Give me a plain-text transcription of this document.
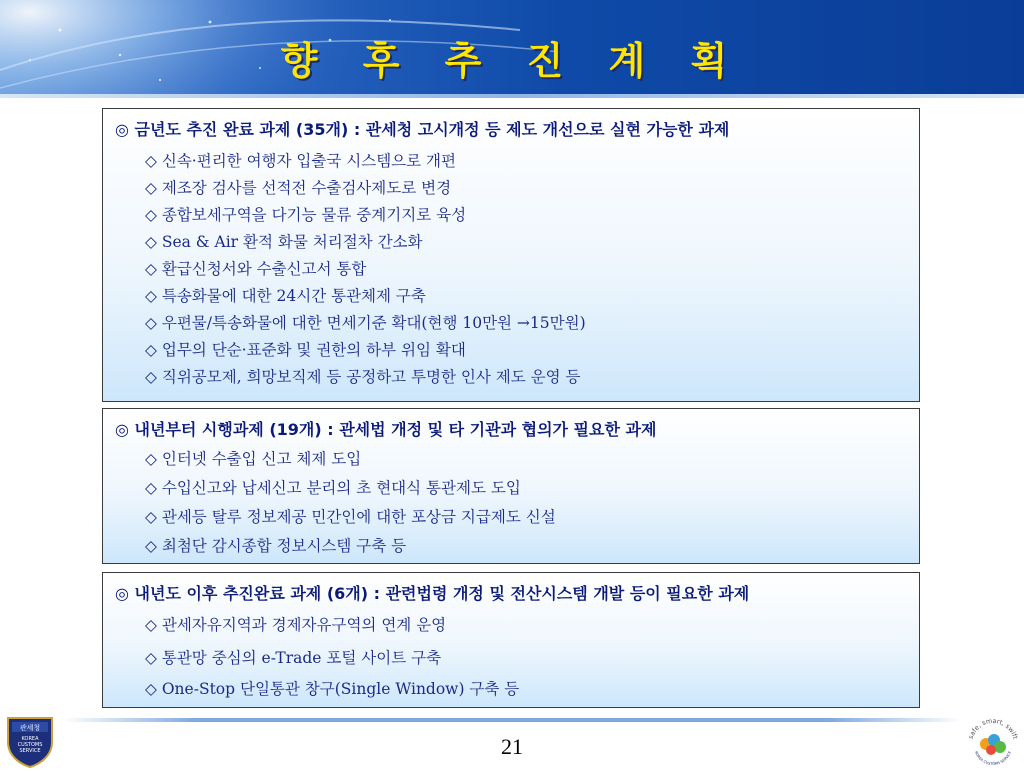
향 후 추 진 계 획
◎ 금년도 추진 완료 과제 (35개) : 관세청 고시개정 등 제도 개선으로 실현 가능한 과제
◇ 신속·편리한 여행자 입출국 시스템으로 개편
◇ 제조장 검사를 선적전 수출검사제도로 변경
◇ 종합보세구역을 다기능 물류 중계기지로 육성
◇ Sea & Air 환적 화물 처리절차 간소화
◇ 환급신청서와 수출신고서 통합
◇ 특송화물에 대한 24시간 통관체제 구축
◇ 우편물/특송화물에 대한 면세기준 확대(현행 10만원 →15만원)
◇ 업무의 단순·표준화 및 권한의 하부 위임 확대
◇ 직위공모제, 희망보직제 등 공정하고 투명한 인사 제도 운영 등
◎ 내년부터 시행과제 (19개) : 관세법 개정 및 타 기관과 협의가 필요한 과제
◇ 인터넷 수출입 신고 체제 도입
◇ 수입신고와 납세신고 분리의 초 현대식 통관제도 도입
◇ 관세등 탈루 정보제공 민간인에 대한 포상금 지급제도 신설
◇ 최첨단 감시종합 정보시스템 구축 등
◎ 내년도 이후 추진완료 과제 (6개) : 관련법령 개정 및 전산시스템 개발 등이 필요한 과제
◇ 관세자유지역과 경제자유구역의 연계 운영
◇ 통관망 중심의 e-Trade 포털 사이트 구축
◇ One-Stop 단일통관 창구(Single Window) 구축 등
21
관세청
KOREA
CUSTOMS
SERVICE
safe, smart, swift
KOREA CUSTOMS SERVICE
